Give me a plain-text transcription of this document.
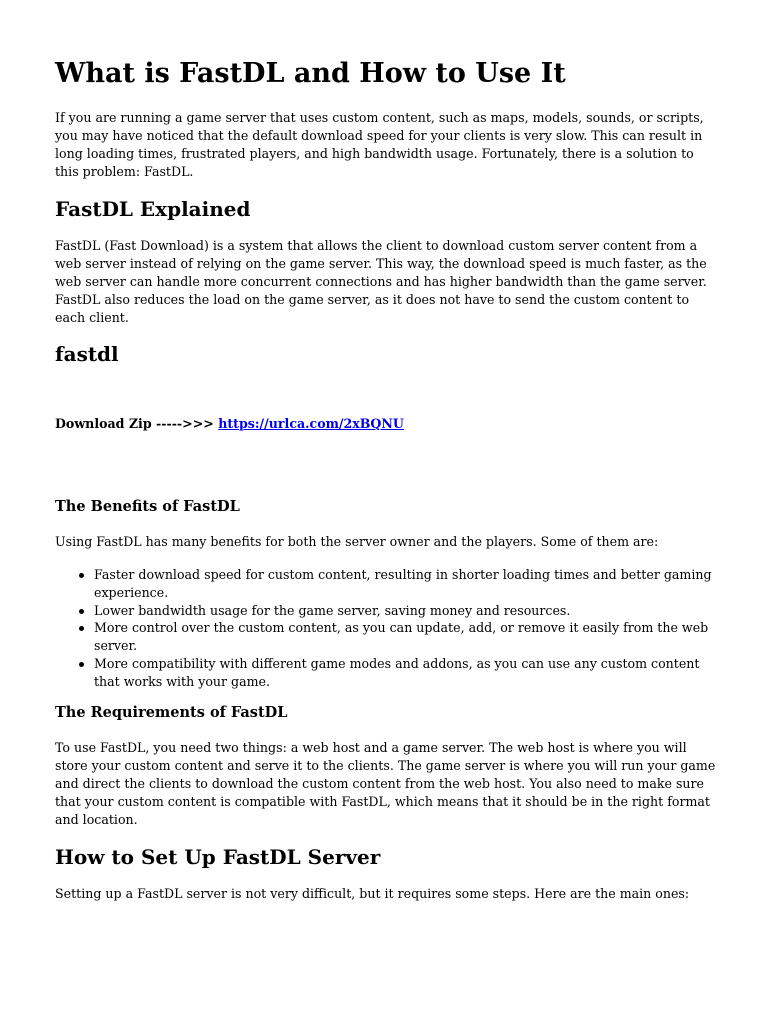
What is FastDL and How to Use It

If you are running a game server that uses custom content, such as maps, models, sounds, or scripts, you may have noticed that the default download speed for your clients is very slow. This can result in long loading times, frustrated players, and high bandwidth usage. Fortunately, there is a solution to this problem: FastDL.

FastDL Explained

FastDL (Fast Download) is a system that allows the client to download custom server content from a web server instead of relying on the game server. This way, the download speed is much faster, as the web server can handle more concurrent connections and has higher bandwidth than the game server. FastDL also reduces the load on the game server, as it does not have to send the custom content to each client.

fastdl
Download Zip ----->>> https://urlca.com/2xBQNU
The Benefits of FastDL

Using FastDL has many benefits for both the server owner and the players. Some of them are:

Faster download speed for custom content, resulting in shorter loading times and better gaming experience.
Lower bandwidth usage for the game server, saving money and resources.
More control over the custom content, as you can update, add, or remove it easily from the web server.
More compatibility with different game modes and addons, as you can use any custom content that works with your game.
The Requirements of FastDL

To use FastDL, you need two things: a web host and a game server. The web host is where you will store your custom content and serve it to the clients. The game server is where you will run your game and direct the clients to download the custom content from the web host. You also need to make sure that your custom content is compatible with FastDL, which means that it should be in the right format and location.

How to Set Up FastDL Server

Setting up a FastDL server is not very difficult, but it requires some steps. Here are the main ones:
